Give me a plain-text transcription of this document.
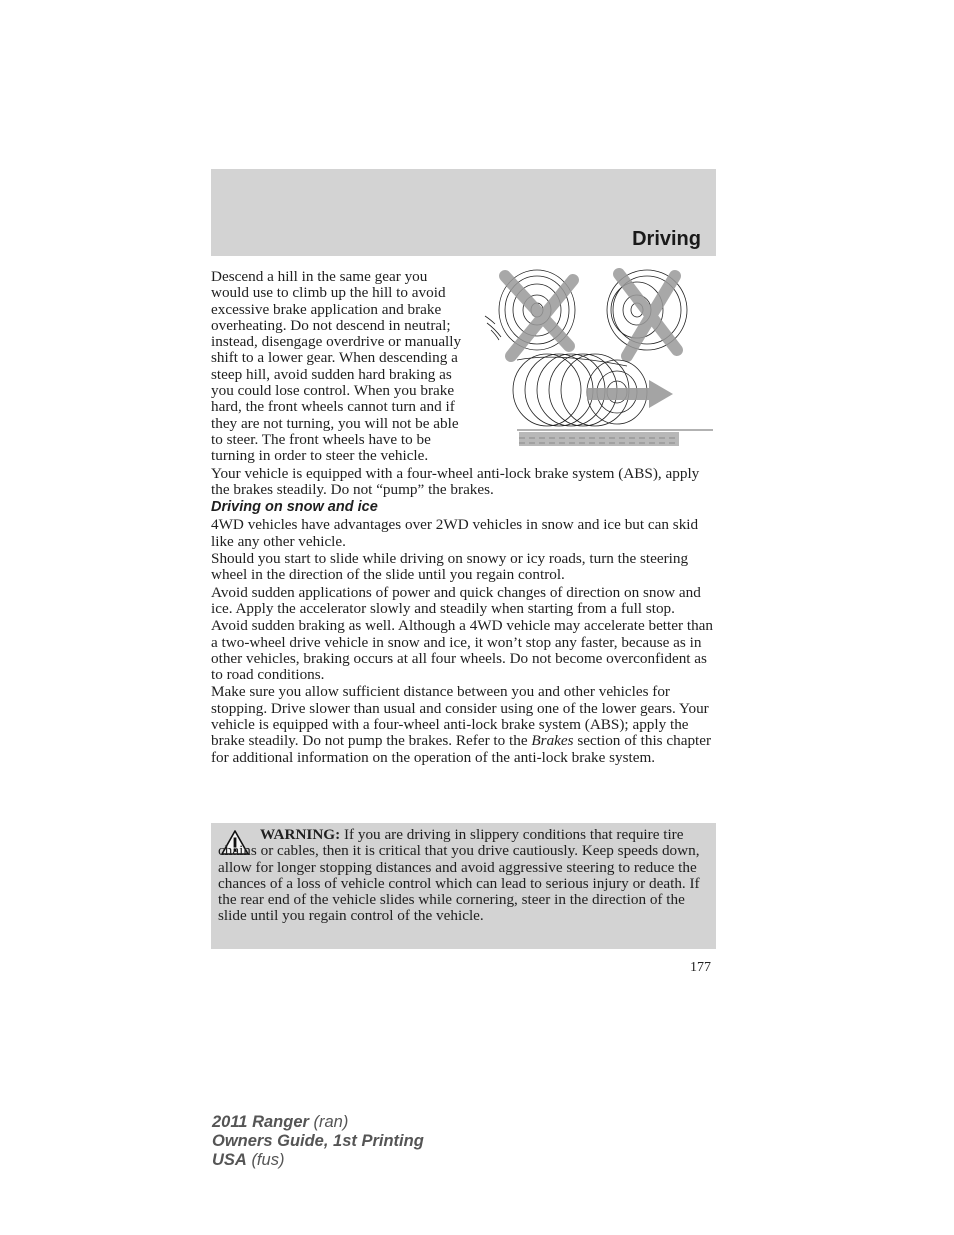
Driving

Descend a hill in the same gear you would use to climb up the hill to avoid excessive brake application and brake overheating. Do not descend in neutral; instead, disengage overdrive or manually shift to a lower gear. When descending a steep hill, avoid sudden hard braking as you could lose control. When you brake hard, the front wheels cannot turn and if they are not turning, you will not be able to steer. The front wheels have to be turning in order to steer the vehicle.

Your vehicle is equipped with a four-wheel anti-lock brake system (ABS), apply the brakes steadily. Do not “pump” the brakes.

Driving on snow and ice

4WD vehicles have advantages over 2WD vehicles in snow and ice but can skid like any other vehicle.

Should you start to slide while driving on snowy or icy roads, turn the steering wheel in the direction of the slide until you regain control.

Avoid sudden applications of power and quick changes of direction on snow and ice. Apply the accelerator slowly and steadily when starting from a full stop.

Avoid sudden braking as well. Although a 4WD vehicle may accelerate better than a two-wheel drive vehicle in snow and ice, it won’t stop any faster, because as in other vehicles, braking occurs at all four wheels. Do not become overconfident as to road conditions.

Make sure you allow sufficient distance between you and other vehicles for stopping. Drive slower than usual and consider using one of the lower gears. Your vehicle is equipped with a four-wheel anti-lock brake system (ABS); apply the brake steadily. Do not pump the brakes. Refer to the Brakes section of this chapter for additional information on the operation of the anti-lock brake system.

WARNING: If you are driving in slippery conditions that require tire chains or cables, then it is critical that you drive cautiously. Keep speeds down, allow for longer stopping distances and avoid aggressive steering to reduce the chances of a loss of vehicle control which can lead to serious injury or death. If the rear end of the vehicle slides while cornering, steer in the direction of the slide until you regain control of the vehicle.
177
2011 Ranger (ran)
Owners Guide, 1st Printing
USA (fus)
